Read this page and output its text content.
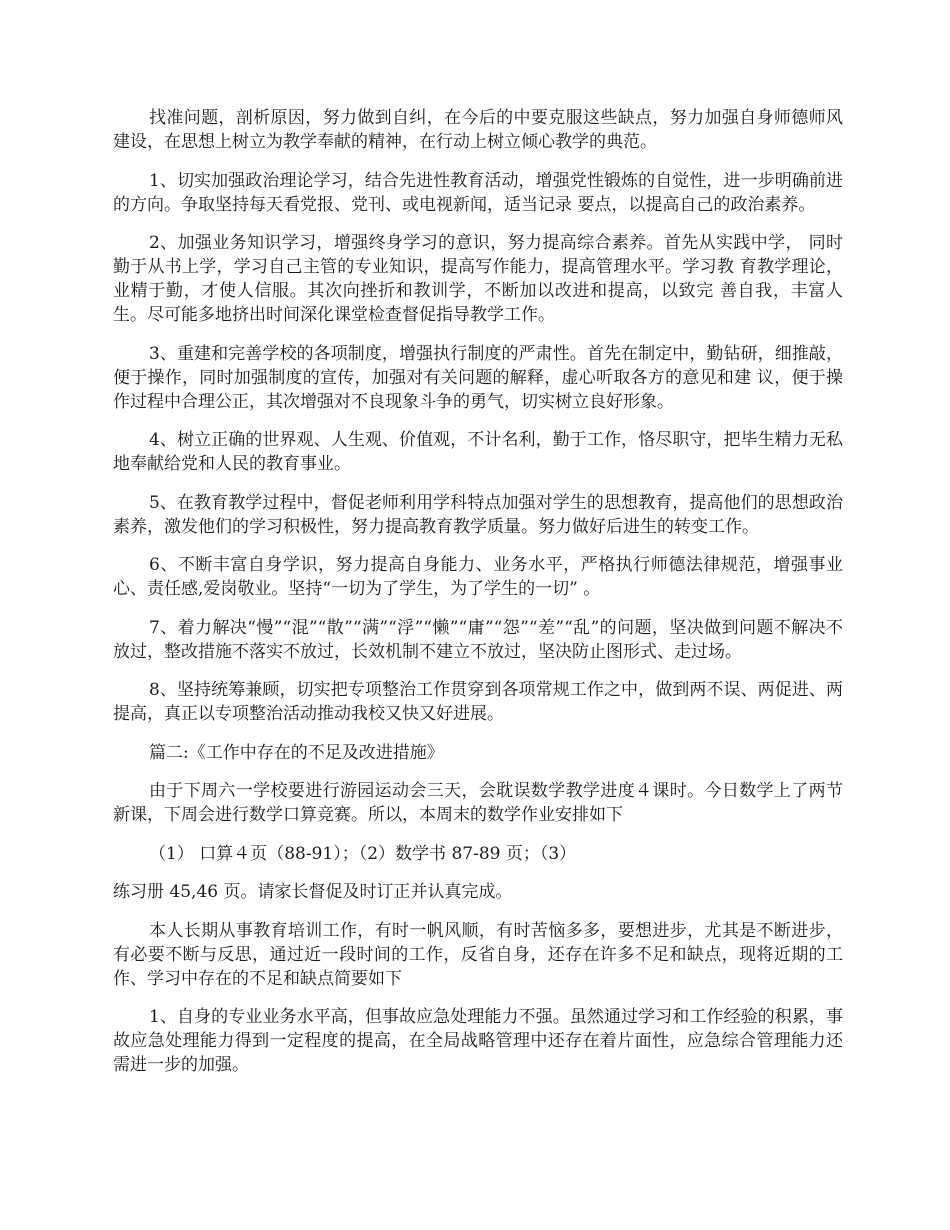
找准问题，剖析原因，努力做到自纠，在今后的中要克服这些缺点，努力加强自身师德师风建设，在思想上树立为教学奉献的精神，在行动上树立倾心教学的典范。

1、切实加强政治理论学习，结合先进性教育活动，增强党性锻炼的自觉性，进一步明确前进的方向。争取坚持每天看党报、党刊、或电视新闻，适当记录 要点，以提高自己的政治素养。

2、加强业务知识学习，增强终身学习的意识，努力提高综合素养。首先从实践中学， 同时勤于从书上学，学习自己主管的专业知识，提高写作能力，提高管理水平。学习教 育教学理论，业精于勤，才使人信服。其次向挫折和教训学，不断加以改进和提高，以致完 善自我，丰富人生。尽可能多地挤出时间深化课堂检查督促指导教学工作。

3、重建和完善学校的各项制度，增强执行制度的严肃性。首先在制定中，勤钻研，细推敲，便于操作，同时加强制度的宣传，加强对有关问题的解释，虚心听取各方的意见和建 议，便于操作过程中合理公正，其次增强对不良现象斗争的勇气，切实树立良好形象。

4、树立正确的世界观、人生观、价值观，不计名利，勤于工作，恪尽职守，把毕生精力无私地奉献给党和人民的教育事业。

5、在教育教学过程中，督促老师利用学科特点加强对学生的思想教育，提高他们的思想政治素养，激发他们的学习积极性，努力提高教育教学质量。努力做好后进生的转变工作。

6、不断丰富自身学识，努力提高自身能力、业务水平，严格执行师德法律规范，增强事业心、责任感,爱岗敬业。坚持“一切为了学生，为了学生的一切” 。

7、着力解决“慢”“混”“散”“满”“浮”“懒”“庸”“怨”“差”“乱”的问题，坚决做到问题不解决不放过，整改措施不落实不放过，长效机制不建立不放过，坚决防止图形式、走过场。

8、坚持统筹兼顾，切实把专项整治工作贯穿到各项常规工作之中，做到两不误、两促进、两提高，真正以专项整治活动推动我校又快又好进展。

篇二:《工作中存在的不足及改进措施》

由于下周六一学校要进行游园运动会三天，会耽误数学教学进度４课时。今日数学上了两节新课，下周会进行数学口算竞赛。所以，本周末的数学作业安排如下

（1） 口算４页（88-91）；（2）数学书 87-89 页；（3）

练习册 45,46 页。请家长督促及时订正并认真完成。

本人长期从事教育培训工作，有时一帆风顺，有时苦恼多多，要想进步，尤其是不断进步，有必要不断与反思，通过近一段时间的工作，反省自身，还存在许多不足和缺点，现将近期的工作、学习中存在的不足和缺点简要如下

1、自身的专业业务水平高，但事故应急处理能力不强。虽然通过学习和工作经验的积累，事故应急处理能力得到一定程度的提高，在全局战略管理中还存在着片面性，应急综合管理能力还需进一步的加强。
